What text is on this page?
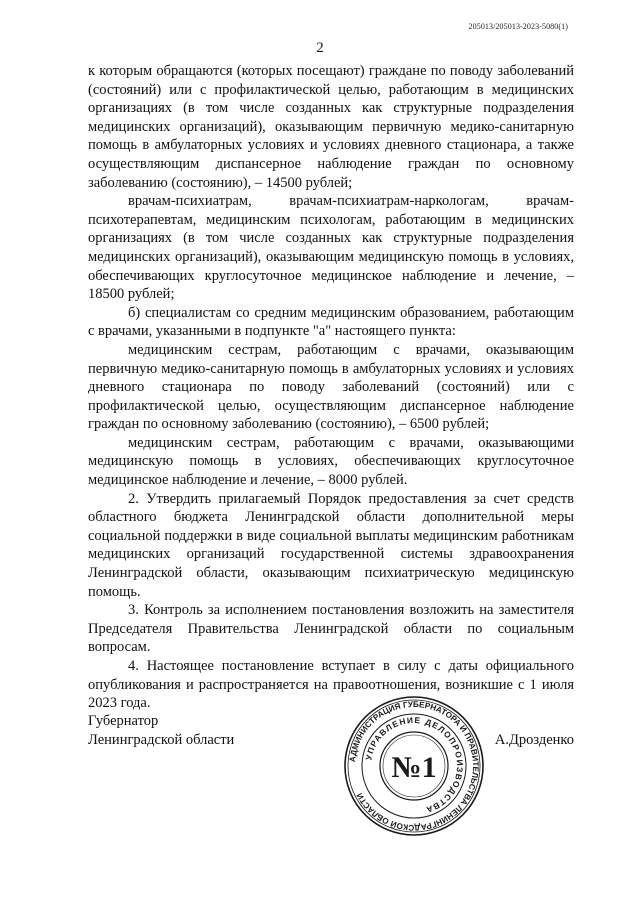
205013/205013-2023-5080(1)
2

к которым обращаются (которых посещают) граждане по поводу заболеваний (состояний) или с профилактической целью, работающим в медицинских организациях (в том числе созданных как структурные подразделения медицинских организаций), оказывающим первичную медико-санитарную помощь в амбулаторных условиях и условиях дневного стационара, а также осуществляющим диспансерное наблюдение граждан по основному заболеванию (состоянию), – 14500 рублей;

врачам-психиатрам, врачам-психиатрам-наркологам, врачам-психотерапевтам, медицинским психологам, работающим в медицинских организациях (в том числе созданных как структурные подразделения медицинских организаций), оказывающим медицинскую помощь в условиях, обеспечивающих круглосуточное медицинское наблюдение и лечение, – 18500 рублей;

б) специалистам со средним медицинским образованием, работающим с врачами, указанными в подпункте "а" настоящего пункта:

медицинским сестрам, работающим с врачами, оказывающим первичную медико-санитарную помощь в амбулаторных условиях и условиях дневного стационара по поводу заболеваний (состояний) или с профилактической целью, осуществляющим диспансерное наблюдение граждан по основному заболеванию (состоянию), – 6500 рублей;

медицинским сестрам, работающим с врачами, оказывающими медицинскую помощь в условиях, обеспечивающих круглосуточное медицинское наблюдение и лечение, – 8000 рублей.

2. Утвердить прилагаемый Порядок предоставления за счет средств областного бюджета Ленинградской области дополнительной меры социальной поддержки в виде социальной выплаты медицинским работникам медицинских организаций государственной системы здравоохранения Ленинградской области, оказывающим психиатрическую медицинскую помощь.

3. Контроль за исполнением постановления возложить на заместителя Председателя Правительства Ленинградской области по социальным вопросам.

4. Настоящее постановление вступает в силу с даты официального опубликования и распространяется на правоотношения, возникшие с 1 июля 2023 года.

Губернатор
Ленинградской области	А.Дрозденко
АДМИНИСТРАЦИЯ ГУБЕРНАТОРА И ПРАВИТЕЛЬСТВА ЛЕНИНГРАДСКОЙ ОБЛАСТИ
УПРАВЛЕНИЕ ДЕЛОПРОИЗВОДСТВА
№1
